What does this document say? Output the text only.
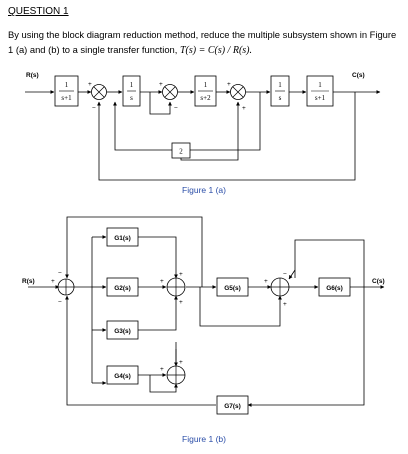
QUESTION 1
By using the block diagram reduction method, reduce the multiple subsystem shown in Figure 1 (a) and (b) to a single transfer function, T(s) = C(s) / R(s).
1
s+1
1
s
1
s+2
1
s
1
s+1
2
R(s)	C(s)
+
−
+
−
+
+
Figure 1 (a)
G1(s)
G2(s)
G3(s)
G4(s)
G5(s)	G6(s)
G7(s)
R(s)	C(s)
+
−
−
+
+
+
+
+
+
−
+
Figure 1 (b)
